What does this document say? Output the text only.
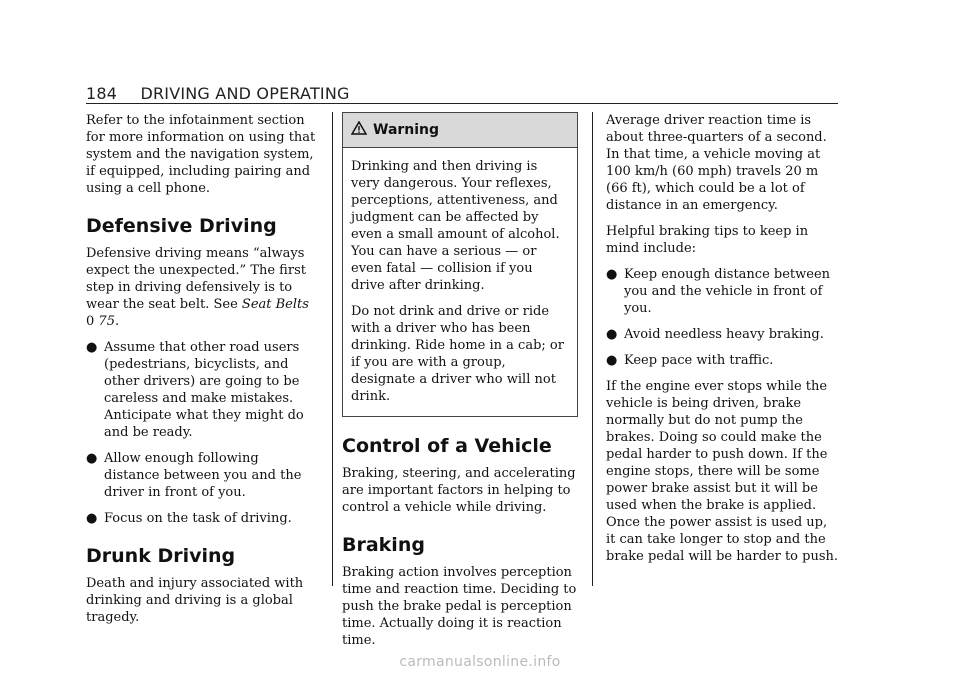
184 DRIVING AND OPERATING

Refer to the infotainment section for more information on using that system and the navigation system, if equipped, including pairing and using a cell phone.

Defensive Driving

Defensive driving means “always expect the unexpected.” The first step in driving defensively is to wear the seat belt. See Seat Belts 0 75.

● Assume that other road users (pedestrians, bicyclists, and other drivers) are going to be careless and make mistakes. Anticipate what they might do and be ready.
● Allow enough following distance between you and the driver in front of you.
● Focus on the task of driving.
Drunk Driving

Death and injury associated with drinking and driving is a global tragedy.

Warning

Drinking and then driving is very dangerous. Your reflexes, perceptions, attentiveness, and judgment can be affected by even a small amount of alcohol. You can have a serious — or even fatal — collision if you drive after drinking.

Do not drink and drive or ride with a driver who has been drinking. Ride home in a cab; or if you are with a group, designate a driver who will not drink.

Control of a Vehicle

Braking, steering, and accelerating are important factors in helping to control a vehicle while driving.

Braking

Braking action involves perception time and reaction time. Deciding to push the brake pedal is perception time. Actually doing it is reaction time.

Average driver reaction time is about three-quarters of a second. In that time, a vehicle moving at 100 km/h (60 mph) travels 20 m (66 ft), which could be a lot of distance in an emergency.

Helpful braking tips to keep in mind include:

● Keep enough distance between you and the vehicle in front of you.
● Avoid needless heavy braking.
● Keep pace with traffic.

If the engine ever stops while the vehicle is being driven, brake normally but do not pump the brakes. Doing so could make the pedal harder to push down. If the engine stops, there will be some power brake assist but it will be used when the brake is applied. Once the power assist is used up, it can take longer to stop and the brake pedal will be harder to push.

carmanualsonline.info
